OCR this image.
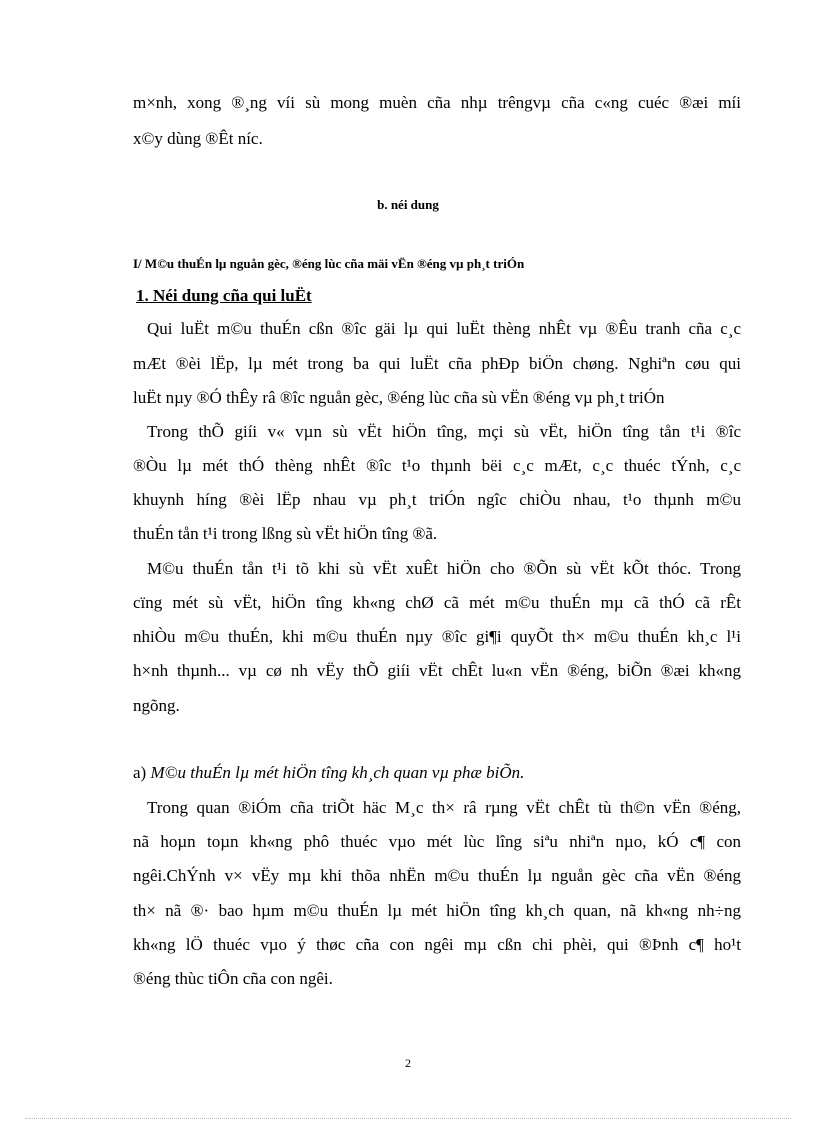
m×nh, xong ®¸ng víi sù mong muèn cña nhµ trêngvµ cña c«ng cuéc ®æi míi
x©y dùng ®Êt níc.
b. néi dung
I/ M©u thuÉn lµ nguån gèc, ®éng lùc cña mäi vËn ®éng vµ ph¸t triÓn
1. Néi dung cña qui luËt
Qui luËt m©u thuÉn cßn ®îc gäi lµ qui luËt thèng nhÊt vµ ®Êu tranh cña c¸c
mÆt ®èi lËp, lµ mét trong ba qui luËt cña phÐp biÖn chøng. Nghiªn cøu qui
luËt nµy ®Ó thÊy râ ®îc nguån gèc, ®éng lùc cña sù vËn ®éng vµ ph¸t triÓn
Trong thÕ giíi v« vµn sù vËt hiÖn tîng, mçi sù vËt, hiÖn tîng tån t¹i ®îc
®Òu lµ mét thÓ thèng nhÊt ®îc t¹o thµnh bëi c¸c mÆt, c¸c thuéc tÝnh, c¸c
khuynh híng ®èi lËp nhau vµ ph¸t triÓn ngîc chiÒu nhau, t¹o thµnh m©u
thuÉn tån t¹i trong lßng sù vËt hiÖn tîng ®ã.
M©u thuÉn tån t¹i tõ khi sù vËt xuÊt hiÖn cho ®Õn sù vËt kÕt thóc. Trong
cïng mét sù vËt, hiÖn tîng kh«ng chØ cã mét m©u thuÉn mµ cã thÓ cã rÊt
nhiÒu m©u thuÉn, khi m©u thuÉn nµy ®îc gi¶i quyÕt th× m©u thuÉn kh¸c l¹i
h×nh thµnh... vµ cø nh vËy thÕ giíi vËt chÊt lu«n vËn ®éng, biÕn ®æi kh«ng
ngõng.
a) M©u thuÉn lµ mét hiÖn tîng kh¸ch quan vµ phæ biÕn.
Trong quan ®iÓm cña triÕt häc M¸c th× râ rµng vËt chÊt tù th©n vËn ®éng,
nã hoµn toµn kh«ng phô thuéc vµo mét lùc lîng siªu nhiªn nµo, kÓ c¶ con
ngêi.ChÝnh v× vËy mµ khi thõa nhËn m©u thuÉn lµ nguån gèc cña vËn ®éng
th× nã ®· bao hµm m©u thuÉn lµ mét hiÖn tîng kh¸ch quan, nã kh«ng nh÷ng
kh«ng lÖ thuéc vµo ý thøc cña con ngêi mµ cßn chi phèi, qui ®Þnh c¶ ho¹t
®éng thùc tiÔn cña con ngêi.
2
